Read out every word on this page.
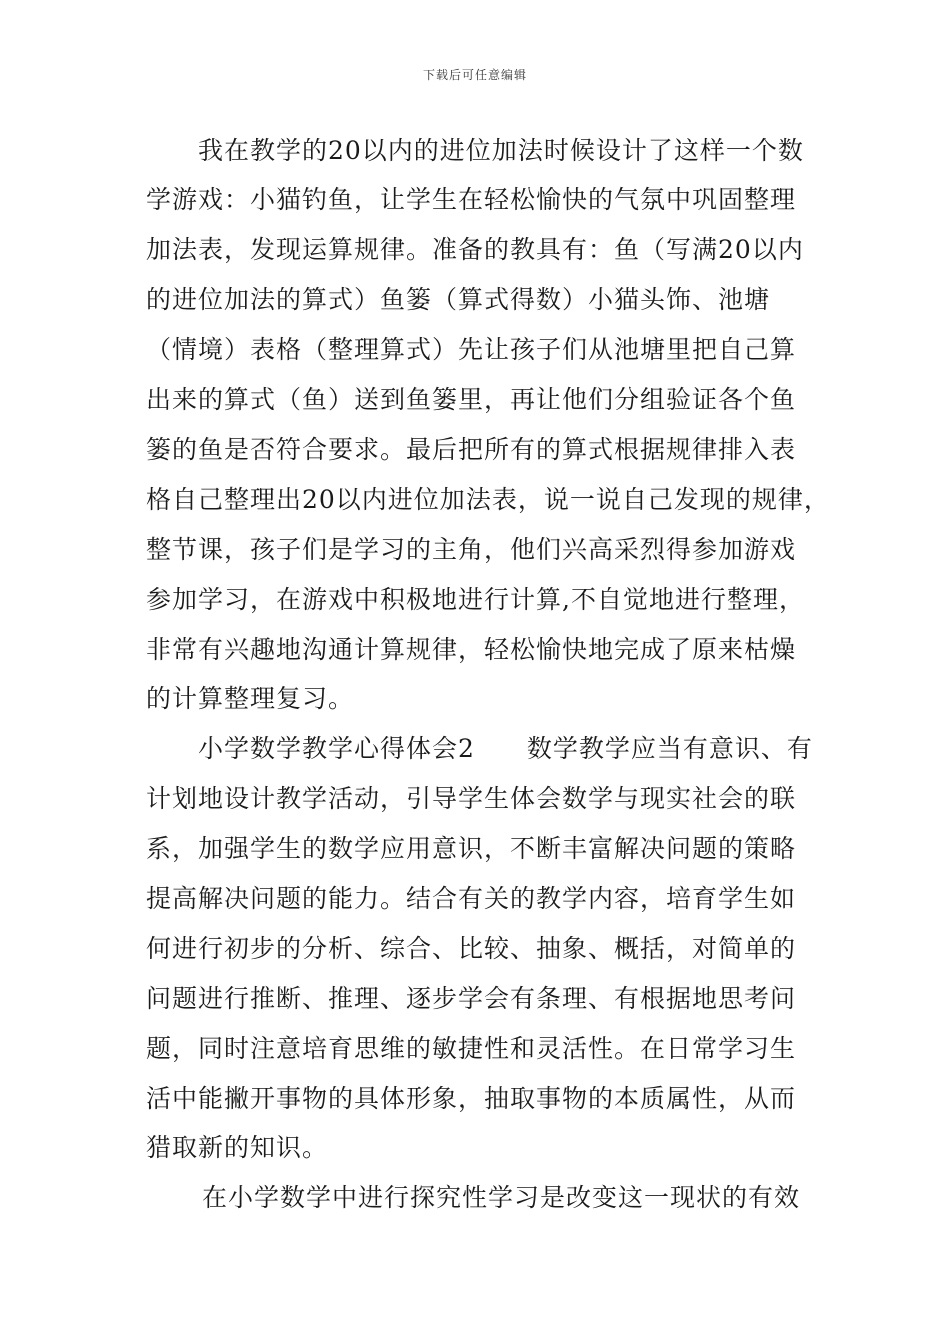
下载后可任意编辑
我在教学的20以内的进位加法时候设计了这样一个数
学游戏：小猫钓鱼，让学生在轻松愉快的气氛中巩固整理
加法表，发现运算规律。准备的教具有：鱼（写满20以内
的进位加法的算式）鱼篓（算式得数）小猫头饰、池塘
（情境）表格（整理算式）先让孩子们从池塘里把自己算
出来的算式（鱼）送到鱼篓里，再让他们分组验证各个鱼
篓的鱼是否符合要求。最后把所有的算式根据规律排入表
格自己整理出20以内进位加法表，说一说自己发现的规律，
整节课，孩子们是学习的主角，他们兴高采烈得参加游戏
参加学习，在游戏中积极地进行计算,不自觉地进行整理，
非常有兴趣地沟通计算规律，轻松愉快地完成了原来枯燥
的计算整理复习。
小学数学教学心得体会2　　数学教学应当有意识、有
计划地设计教学活动，引导学生体会数学与现实社会的联
系，加强学生的数学应用意识，不断丰富解决问题的策略
提高解决问题的能力。结合有关的教学内容，培育学生如
何进行初步的分析、综合、比较、抽象、概括，对简单的
问题进行推断、推理、逐步学会有条理、有根据地思考问
题，同时注意培育思维的敏捷性和灵活性。在日常学习生
活中能撇开事物的具体形象，抽取事物的本质属性，从而
猎取新的知识。
在小学数学中进行探究性学习是改变这一现状的有效
